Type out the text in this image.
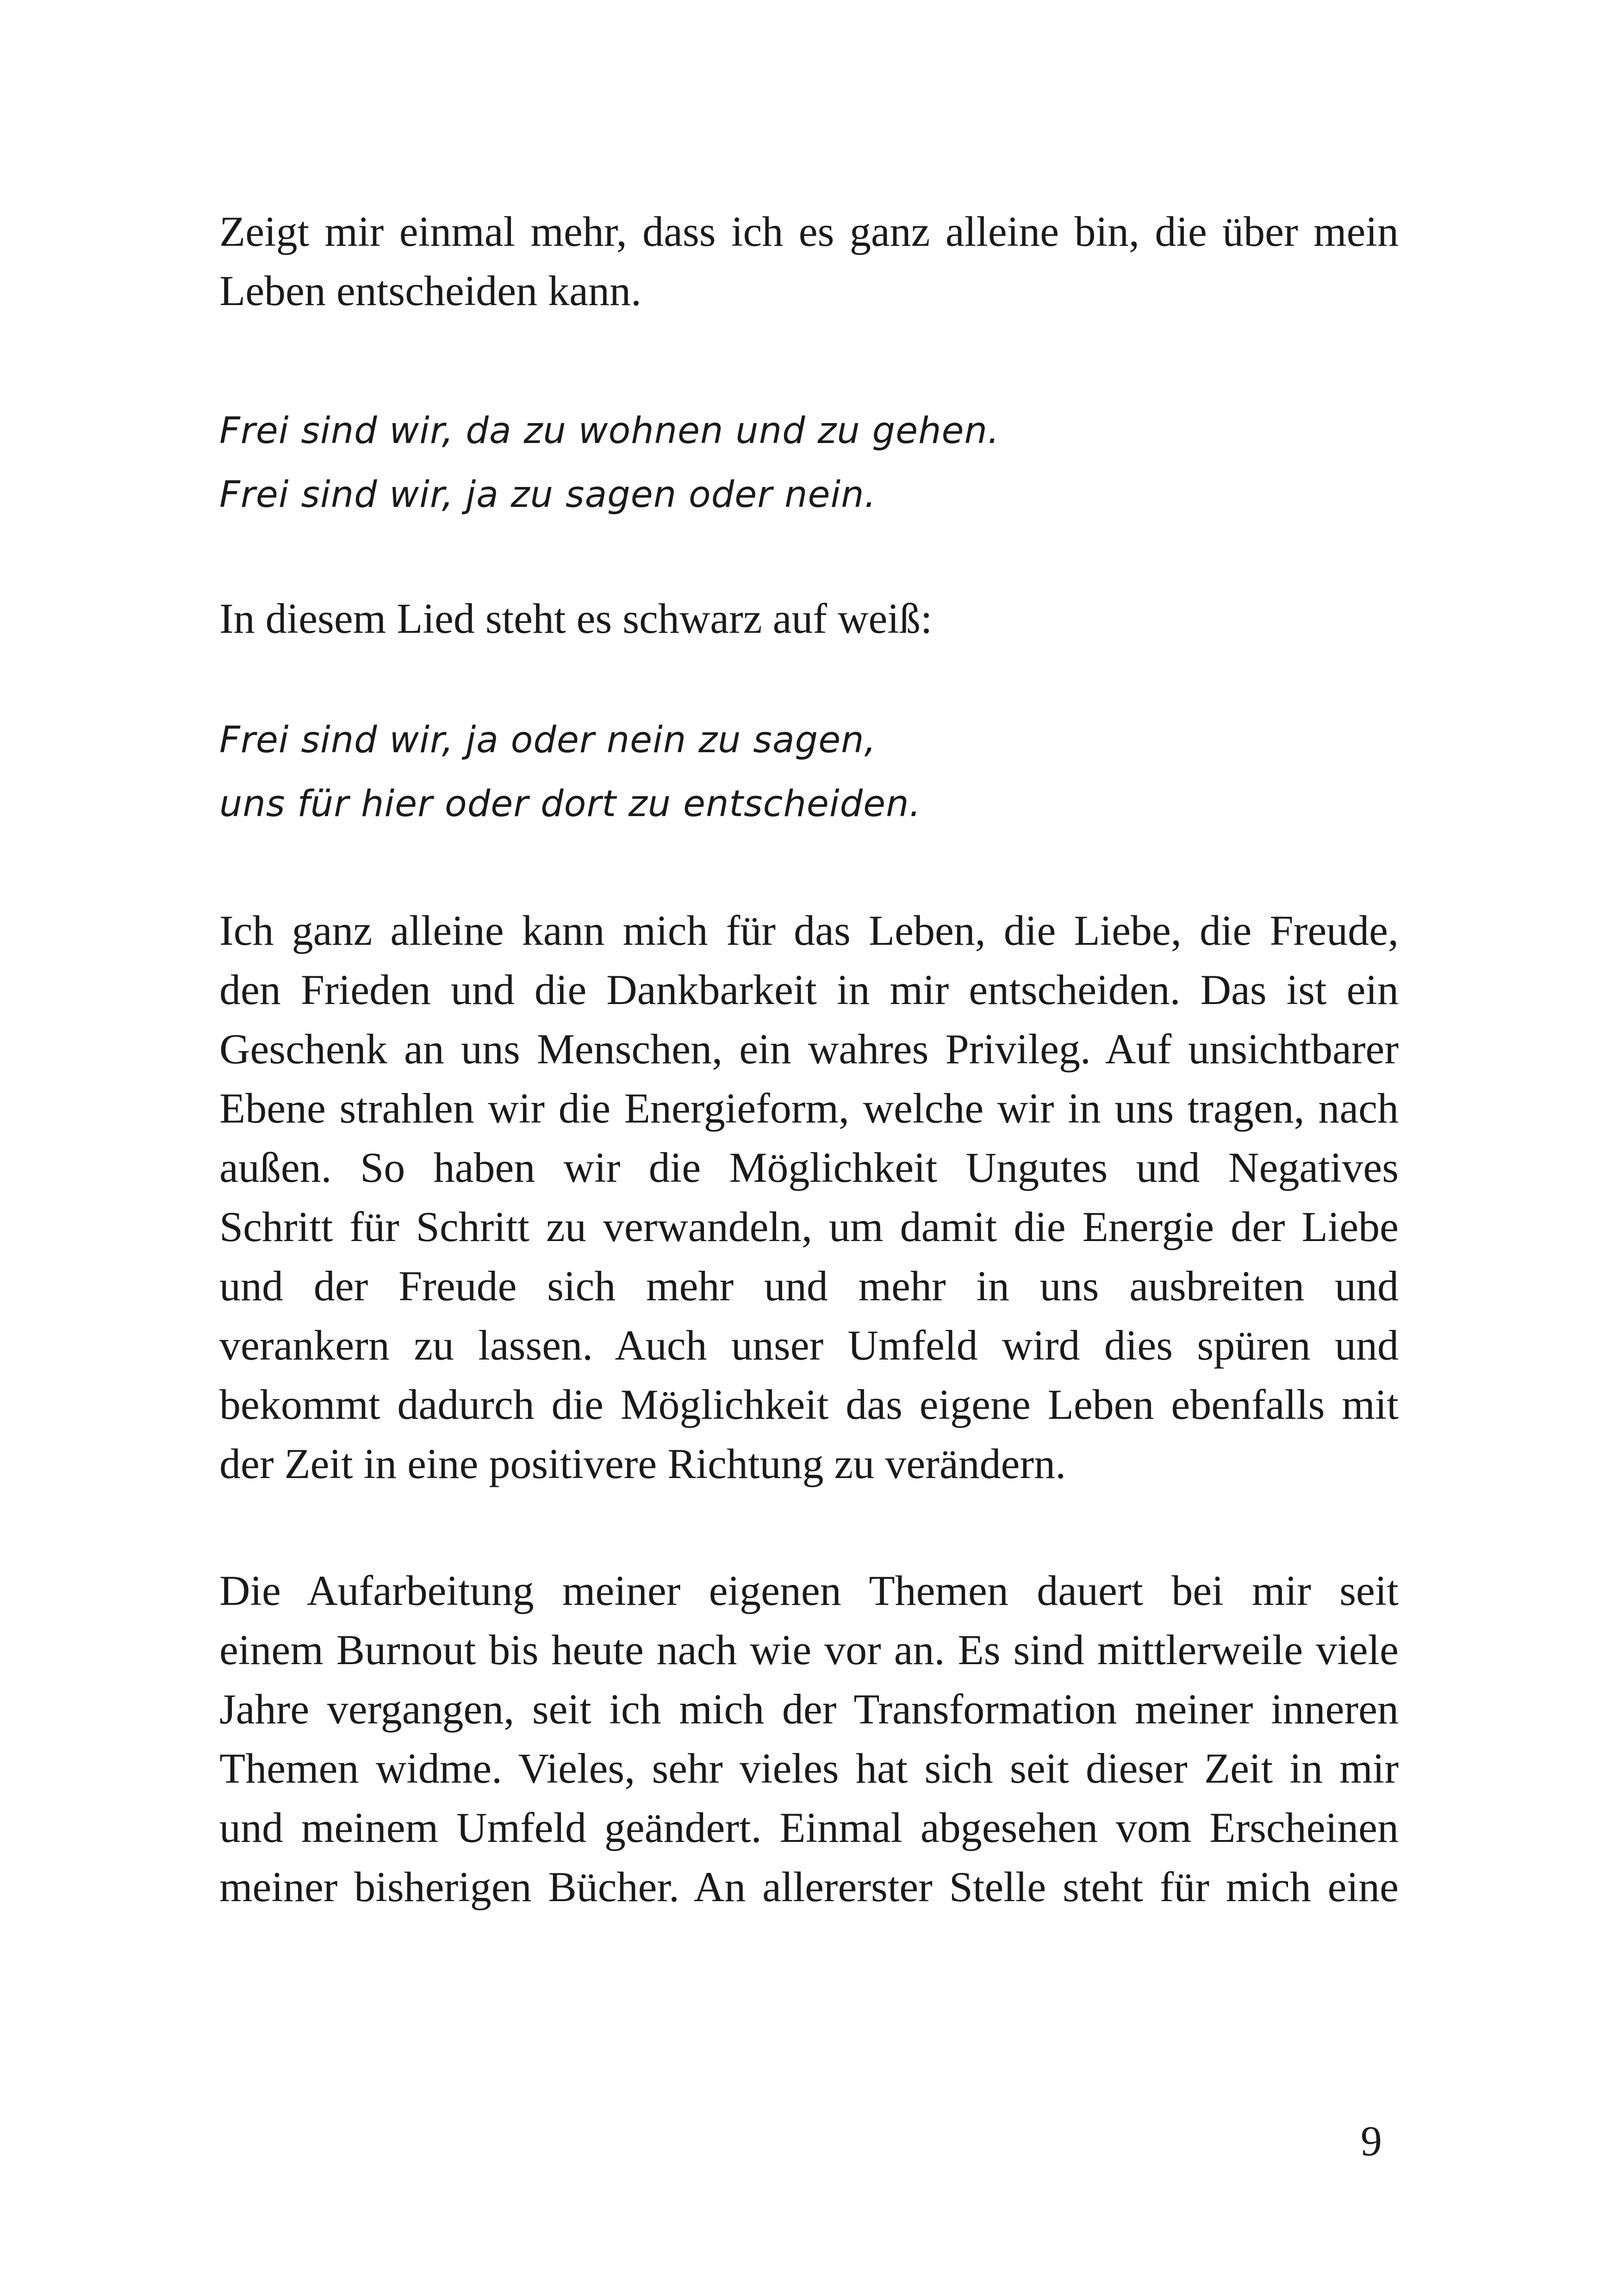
Zeigt mir einmal mehr, dass ich es ganz alleine bin, die über mein
Leben entscheiden kann.

Frei sind wir, da zu wohnen und zu gehen.
Frei sind wir, ja zu sagen oder nein.

In diesem Lied steht es schwarz auf weiß:

Frei sind wir, ja oder nein zu sagen,
uns für hier oder dort zu entscheiden.

Ich ganz alleine kann mich für das Leben, die Liebe, die Freude,
den Frieden und die Dankbarkeit in mir entscheiden. Das ist ein
Geschenk an uns Menschen, ein wahres Privileg. Auf unsichtbarer
Ebene strahlen wir die Energieform, welche wir in uns tragen, nach
außen. So haben wir die Möglichkeit Ungutes und Negatives
Schritt für Schritt zu verwandeln, um damit die Energie der Liebe
und der Freude sich mehr und mehr in uns ausbreiten und
verankern zu lassen. Auch unser Umfeld wird dies spüren und
bekommt dadurch die Möglichkeit das eigene Leben ebenfalls mit
der Zeit in eine positivere Richtung zu verändern.

Die Aufarbeitung meiner eigenen Themen dauert bei mir seit
einem Burnout bis heute nach wie vor an. Es sind mittlerweile viele
Jahre vergangen, seit ich mich der Transformation meiner inneren
Themen widme. Vieles, sehr vieles hat sich seit dieser Zeit in mir
und meinem Umfeld geändert. Einmal abgesehen vom Erscheinen
meiner bisherigen Bücher. An allererster Stelle steht für mich eine

9
